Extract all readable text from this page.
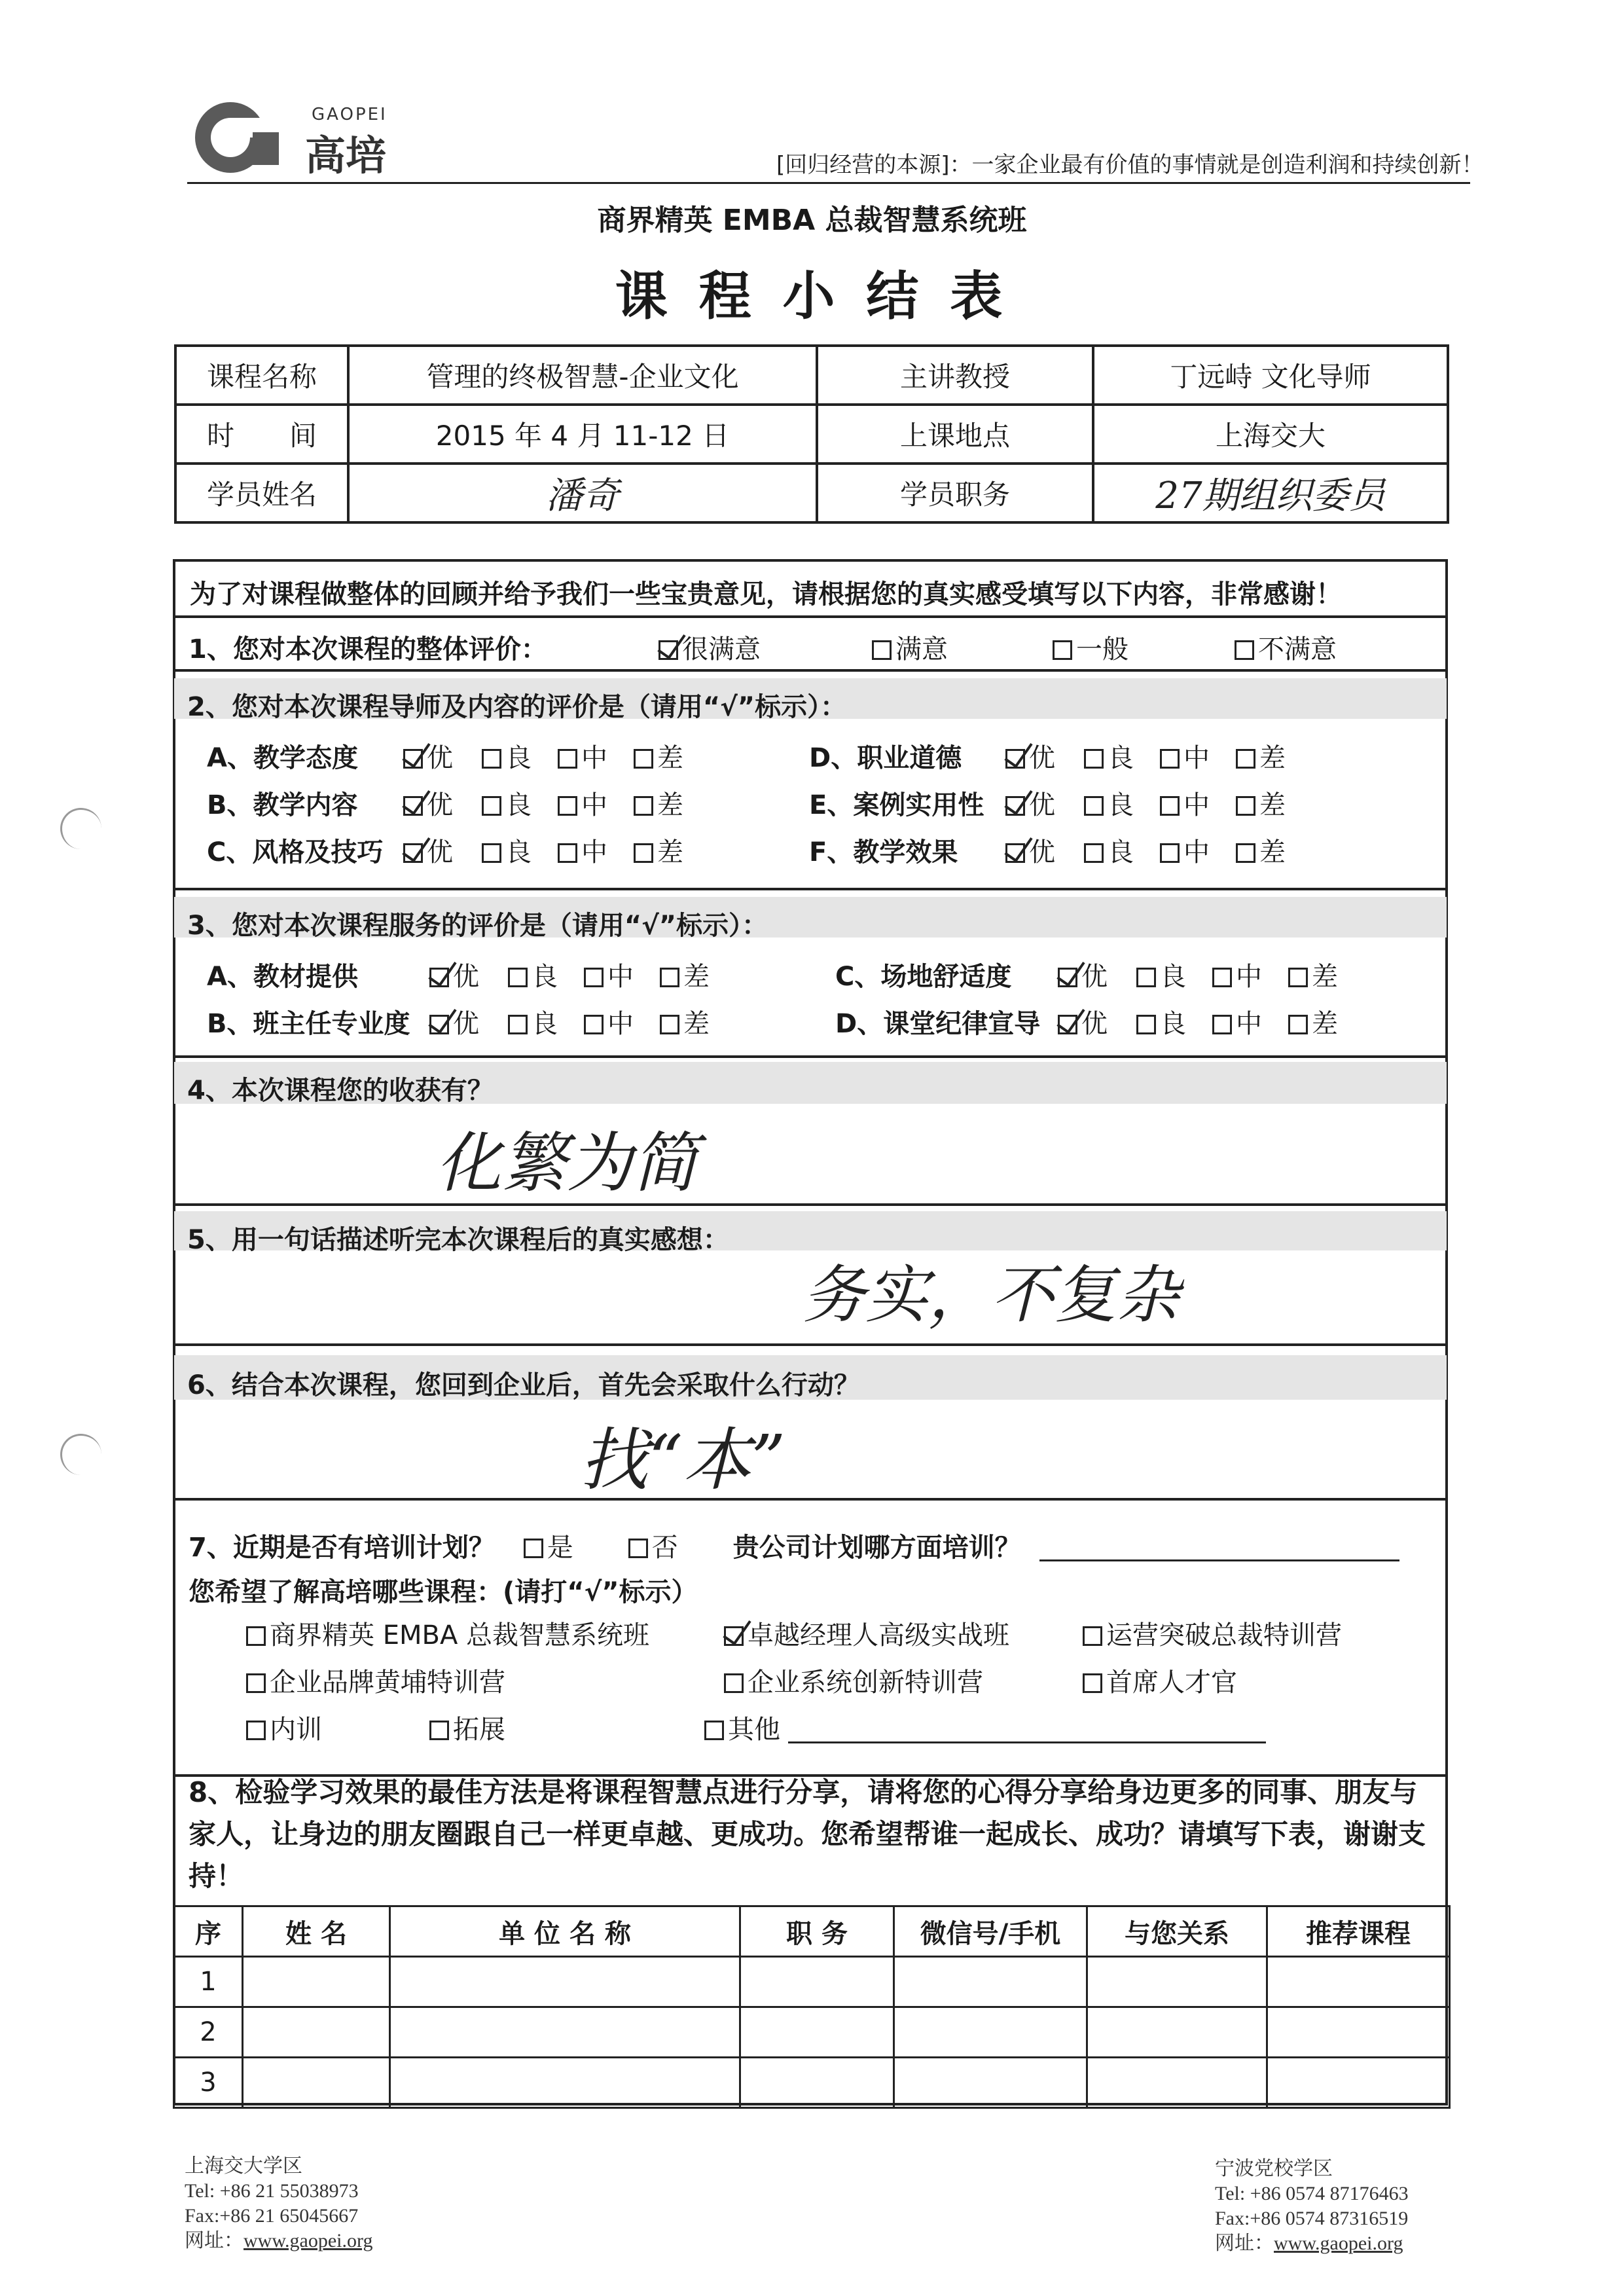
GAOPEI
高培	[回归经营的本源]：一家企业最有价值的事情就是创造利润和持续创新！
商界精英 EMBA 总裁智慧系统班
课 程 小 结 表
课程名称	管理的终极智慧-企业文化	主讲教授	丁远峙 文化导师
时　　间	2015 年 4 月 11-12 日	上课地点	上海交大
学员姓名	潘奇	学员职务	27期组织委员
为了对课程做整体的回顾并给予我们一些宝贵意见，请根据您的真实感受填写以下内容，非常感谢！
1、您对本次课程的整体评价：	很满意	满意	一般	不满意
2、您对本次课程导师及内容的评价是（请用“√”标示）：
A、教学态度	优 良 中 差
B、教学内容	优 良 中 差
C、风格及技巧 优 良 中 差
D、职业道德	优 良 中 差
E、案例实用性 优 良 中 差
F、教学效果	优 良 中 差
3、您对本次课程服务的评价是（请用“√”标示）：
A、教材提供	优 良 中 差
B、班主任专业度 优 良 中 差
C、场地舒适度	优 良 中 差
D、课堂纪律宣导 优 良 中 差
4、本次课程您的收获有？
化繁为简
5、用一句话描述听完本次课程后的真实感想：
务实，不复杂
6、结合本次课程，您回到企业后，首先会采取什么行动？
找“本”
7、近期是否有培训计划？ 是	否 贵公司计划哪方面培训？
您希望了解高培哪些课程：(请打“√”标示）
商界精英 EMBA 总裁智慧系统班	卓越经理人高级实战班	运营突破总裁特训营
企业品牌黄埔特训营	企业系统创新特训营	首席人才官
内训	拓展	其他
8、检验学习效果的最佳方法是将课程智慧点进行分享，请将您的心得分享给身边更多的同事、朋友与家人，让身边的朋友圈跟自己一样更卓越、更成功。您希望帮谁一起成长、成功？请填写下表，谢谢支持！
序	姓 名	单 位 名 称	职 务	微信号/手机	与您关系	推荐课程
1						
2						
3						
上海交大学区
Tel: +86 21 55038973
Fax:+86 21 65045667
网址：www.gaopei.org
宁波党校学区
Tel: +86 0574 87176463
Fax:+86 0574 87316519
网址：www.gaopei.org
